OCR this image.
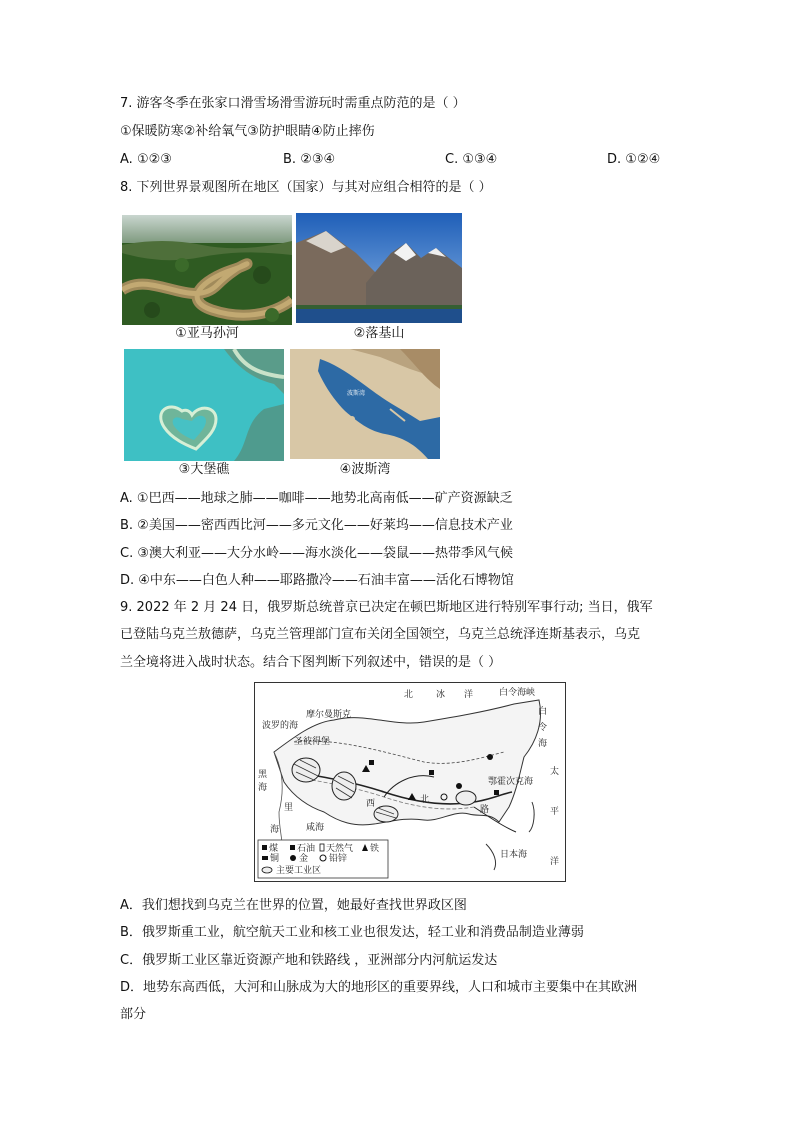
7. 游客冬季在张家口滑雪场滑雪游玩时需重点防范的是（ ）
①保暖防寒②补给氧气③防护眼睛④防止摔伤
A. ①②③	B. ②③④	C. ①③④	D. ①②④
8. 下列世界景观图所在地区（国家）与其对应组合相符的是（ ）
①亚马孙河	②落基山
③大堡礁
波斯湾
④波斯湾
A. ①巴西——地球之肺——咖啡——地势北高南低——矿产资源缺乏
B. ②美国——密西西比河——多元文化——好莱坞——信息技术产业
C. ③澳大利亚——大分水岭——海水淡化——袋鼠——热带季风气候
D. ④中东——白色人种——耶路撒冷——石油丰富——活化石博物馆
9. 2022 年 2 月 24 日，俄罗斯总统普京已决定在顿巴斯地区进行特别军事行动; 当日，俄军
已登陆乌克兰敖德萨，乌克兰管理部门宣布关闭全国领空，乌克兰总统泽连斯基表示，乌克
兰全境将进入战时状态。结合下图判断下列叙述中，错误的是（ ）
北	冰 洋	白令海峡
摩尔曼斯克
波罗的海
圣彼得堡
黑
海
里
海	咸海
鄂霍次克海
日本海
白
令
海
太
平
洋
西	北
路
煤 石油 天然气 铁
铜 金 铅锌
主要工业区
A．我们想找到乌克兰在世界的位置，她最好查找世界政区图
B．俄罗斯重工业，航空航天工业和核工业也很发达，轻工业和消费品制造业薄弱
C．俄罗斯工业区靠近资源产地和铁路线 ，亚洲部分内河航运发达
D．地势东高西低，大河和山脉成为大的地形区的重要界线，人口和城市主要集中在其欧洲
部分
